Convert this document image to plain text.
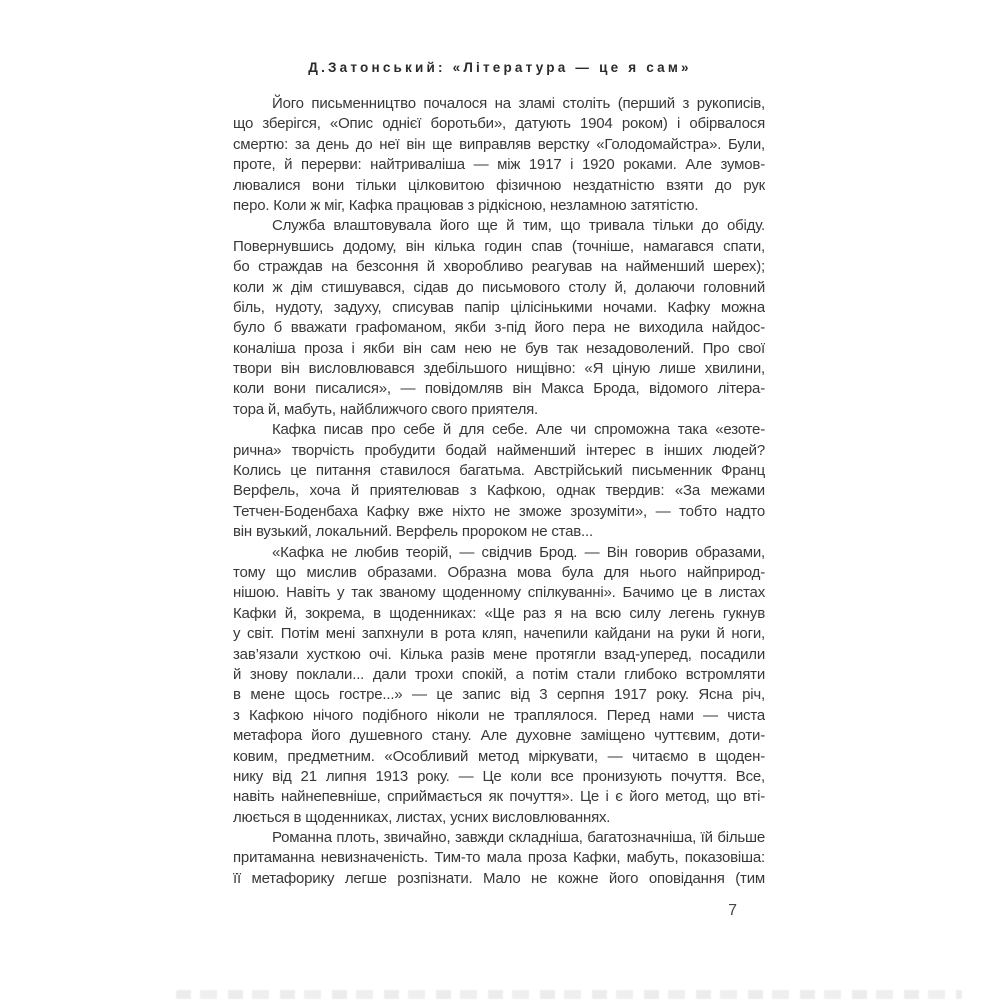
Д.Затонський: «Література — це я сам»
Його письменництво почалося на зламі століть (перший з рукописів,
що зберігся, «Опис однієї боротьби», датують 1904 роком) і обірвалося
смертю: за день до неї він ще виправляв верстку «Голодомайстра». Були,
проте, й перерви: найтриваліша — між 1917 і 1920 роками. Але зумов-
лювалися вони тільки цілковитою фізичною нездатністю взяти до рук
перо. Коли ж міг, Кафка працював з рідкісною, незламною затятістю.
Служба влаштовувала його ще й тим, що тривала тільки до обіду.
Повернувшись додому, він кілька годин спав (точніше, намагався спати,
бо страждав на безсоння й хворобливо реагував на найменший шерех);
коли ж дім стишувався, сідав до письмового столу й, долаючи головний
біль, нудоту, задуху, списував папір цілісінькими ночами. Кафку можна
було б вважати графоманом, якби з-під його пера не виходила найдос-
коналіша проза і якби він сам нею не був так незадоволений. Про свої
твори він висловлювався здебільшого нищівно: «Я ціную лише хвилини,
коли вони писалися», — повідомляв він Макса Брода, відомого літера-
тора й, мабуть, найближчого свого приятеля.
Кафка писав про себе й для себе. Але чи спроможна така «езоте-
рична» творчість пробудити бодай найменший інтерес в інших людей?
Колись це питання ставилося багатьма. Австрійський письменник Франц
Верфель, хоча й приятелював з Кафкою, однак твердив: «За межами
Тетчен-Боденбаха Кафку вже ніхто не зможе зрозуміти», — тобто надто
він вузький, локальний. Верфель пророком не став...
«Кафка не любив теорій, — свідчив Брод. — Він говорив образами,
тому що мислив образами. Образна мова була для нього найприрод-
нішою. Навіть у так званому щоденному спілкуванні». Бачимо це в листах
Кафки й, зокрема, в щоденниках: «Ще раз я на всю силу легень гукнув
у світ. Потім мені запхнули в рота кляп, начепили кайдани на руки й ноги,
зав’язали хусткою очі. Кілька разів мене протягли взад-уперед, посадили
й знову поклали... дали трохи спокій, а потім стали глибоко встромляти
в мене щось гостре...» — це запис від 3 серпня 1917 року. Ясна річ,
з Кафкою нічого подібного ніколи не траплялося. Перед нами — чиста
метафора його душевного стану. Але духовне заміщено чуттєвим, доти-
ковим, предметним. «Особливий метод міркувати, — читаємо в щоден-
нику від 21 липня 1913 року. — Це коли все пронизують почуття. Все,
навіть найнепевніше, сприймається як почуття». Це і є його метод, що вті-
люється в щоденниках, листах, усних висловлюваннях.
Романна плоть, звичайно, завжди складніша, багатозначніша, їй більше
притаманна невизначеність. Тим-то мала проза Кафки, мабуть, показовіша:
її метафорику легше розпізнати. Мало не кожне його оповідання (тим
7
